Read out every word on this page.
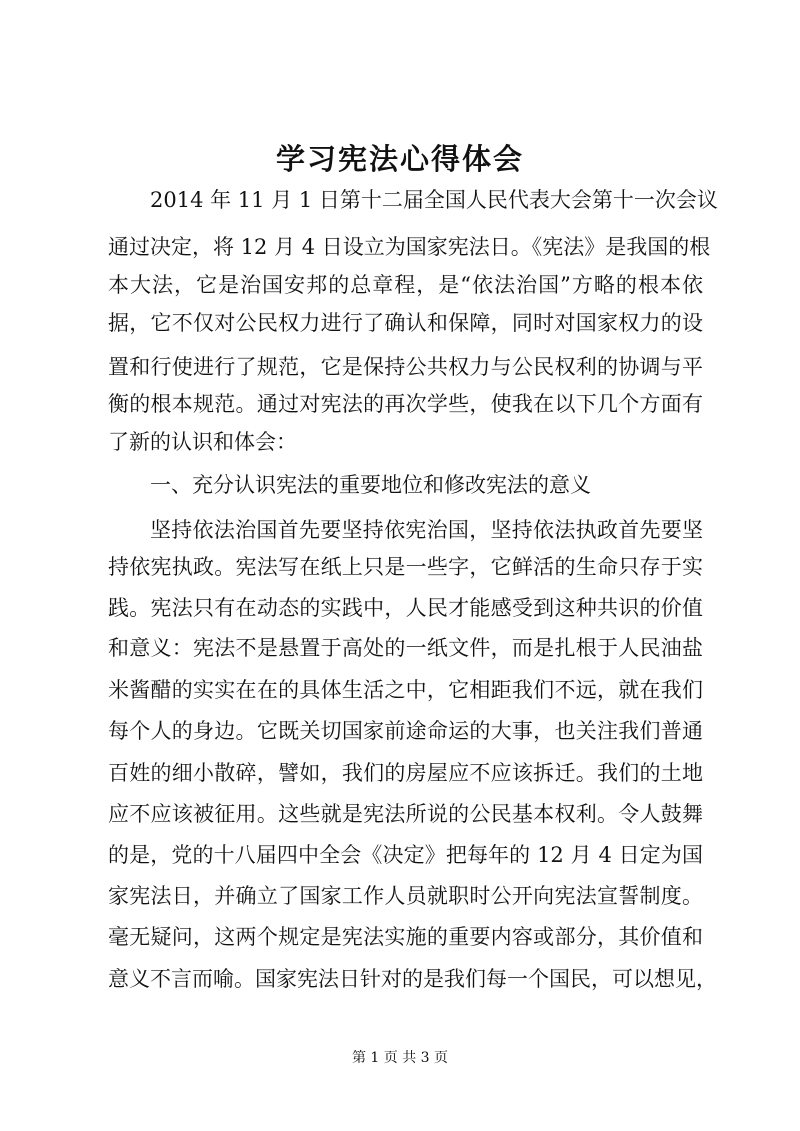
学习宪法心得体会
2014 年 11 月 1 日第十二届全国人民代表大会第十一次会议
通过决定，将 12 月 4 日设立为国家宪法日。《宪法》是我国的根
本大法，它是治国安邦的总章程，是“依法治国”方略的根本依
据，它不仅对公民权力进行了确认和保障，同时对国家权力的设
置和行使进行了规范，它是保持公共权力与公民权利的协调与平
衡的根本规范。通过对宪法的再次学些，使我在以下几个方面有
了新的认识和体会：
一、充分认识宪法的重要地位和修改宪法的意义
坚持依法治国首先要坚持依宪治国，坚持依法执政首先要坚
持依宪执政。宪法写在纸上只是一些字，它鲜活的生命只存于实
践。宪法只有在动态的实践中，人民才能感受到这种共识的价值
和意义：宪法不是悬置于高处的一纸文件，而是扎根于人民油盐
米酱醋的实实在在的具体生活之中，它相距我们不远，就在我们
每个人的身边。它既关切国家前途命运的大事，也关注我们普通
百姓的细小散碎，譬如，我们的房屋应不应该拆迁。我们的土地
应不应该被征用。这些就是宪法所说的公民基本权利。令人鼓舞
的是，党的十八届四中全会《决定》把每年的 12 月 4 日定为国
家宪法日，并确立了国家工作人员就职时公开向宪法宣誓制度。
毫无疑问，这两个规定是宪法实施的重要内容或部分，其价值和
意义不言而喻。国家宪法日针对的是我们每一个国民，可以想见，
第 1 页 共 3 页
